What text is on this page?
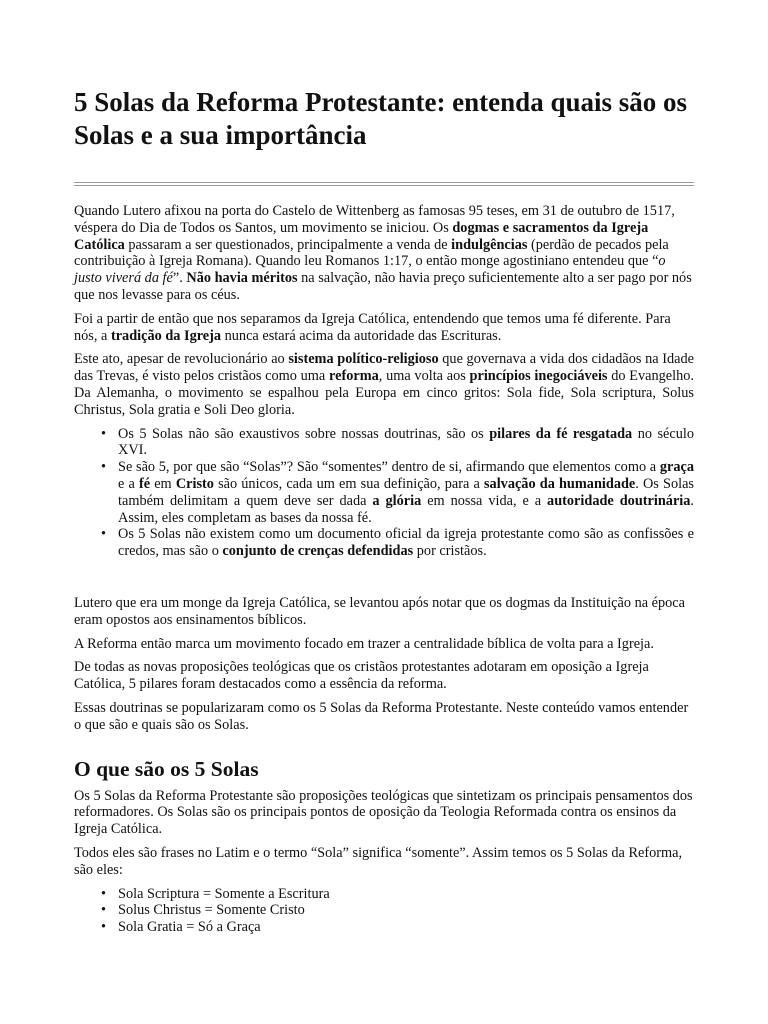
5 Solas da Reforma Protestante: entenda quais são os Solas e a sua importância

Quando Lutero afixou na porta do Castelo de Wittenberg as famosas 95 teses, em 31 de outubro de 1517, véspera do Dia de Todos os Santos, um movimento se iniciou. Os dogmas e sacramentos da Igreja Católica passaram a ser questionados, principalmente a venda de indulgências (perdão de pecados pela contribuição à Igreja Romana). Quando leu Romanos 1:17, o então monge agostiniano entendeu que “o justo viverá da fé”. Não havia méritos na salvação, não havia preço suficientemente alto a ser pago por nós que nos levasse para os céus.

Foi a partir de então que nos separamos da Igreja Católica, entendendo que temos uma fé diferente. Para nós, a tradição da Igreja nunca estará acima da autoridade das Escrituras.

Este ato, apesar de revolucionário ao sistema político-religioso que governava a vida dos cidadãos na Idade das Trevas, é visto pelos cristãos como uma reforma, uma volta aos princípios inegociáveis do Evangelho. Da Alemanha, o movimento se espalhou pela Europa em cinco gritos: Sola fide, Sola scriptura, Solus Christus, Sola gratia e Soli Deo gloria.

• Os 5 Solas não são exaustivos sobre nossas doutrinas, são os pilares da fé resgatada no século XVI.
• Se são 5, por que são “Solas”? São “somentes” dentro de si, afirmando que elementos como a graça e a fé em Cristo são únicos, cada um em sua definição, para a salvação da humanidade. Os Solas também delimitam a quem deve ser dada a glória em nossa vida, e a autoridade doutrinária. Assim, eles completam as bases da nossa fé.
• Os 5 Solas não existem como um documento oficial da igreja protestante como são as confissões e credos, mas são o conjunto de crenças defendidas por cristãos.

Lutero que era um monge da Igreja Católica, se levantou após notar que os dogmas da Instituição na época eram opostos aos ensinamentos bíblicos.

A Reforma então marca um movimento focado em trazer a centralidade bíblica de volta para a Igreja.

De todas as novas proposições teológicas que os cristãos protestantes adotaram em oposição a Igreja Católica, 5 pilares foram destacados como a essência da reforma.

Essas doutrinas se popularizaram como os 5 Solas da Reforma Protestante. Neste conteúdo vamos entender o que são e quais são os Solas.

O que são os 5 Solas

Os 5 Solas da Reforma Protestante são proposições teológicas que sintetizam os principais pensamentos dos reformadores. Os Solas são os principais pontos de oposição da Teologia Reformada contra os ensinos da Igreja Católica.

Todos eles são frases no Latim e o termo “Sola” significa “somente”. Assim temos os 5 Solas da Reforma, são eles:

• Sola Scriptura = Somente a Escritura
• Solus Christus = Somente Cristo
• Sola Gratia = Só a Graça
